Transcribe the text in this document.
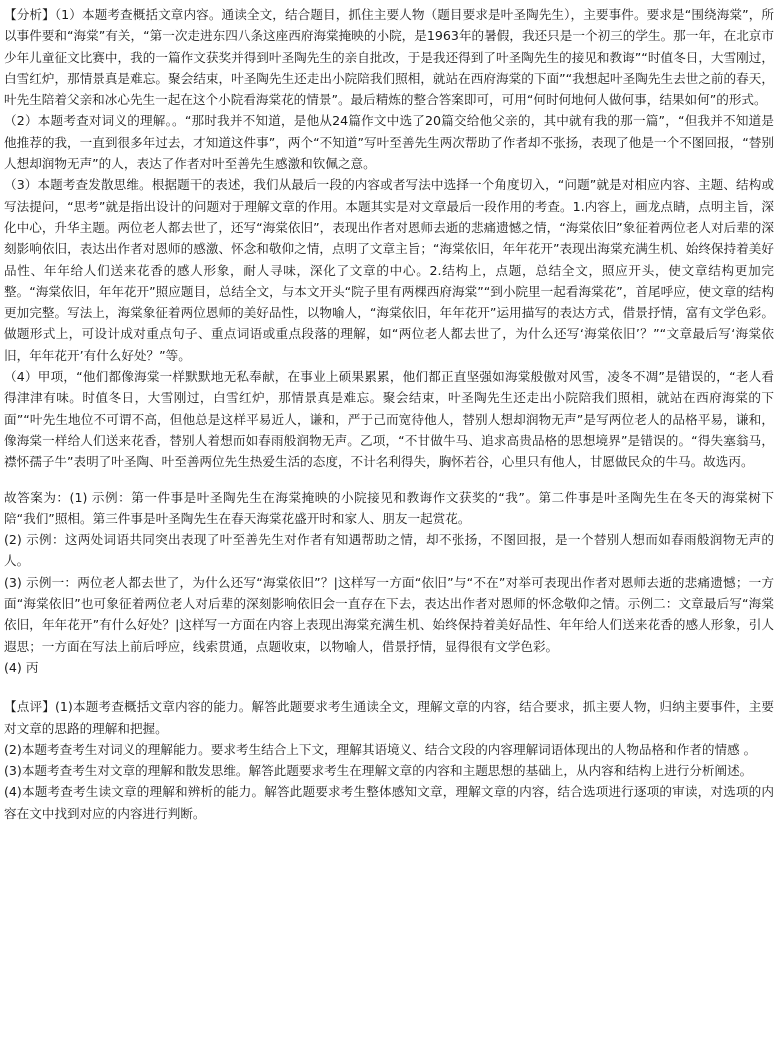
【分析】（1）本题考查概括文章内容。通读全文，结合题目，抓住主要人物（题目要求是叶圣陶先生），主要事件。要求是“围绕海棠”，所以事件要和“海棠”有关，“第一次走进东四八条这座西府海棠掩映的小院，是1963年的暑假，我还只是一个初三的学生。那一年，在北京市少年儿童征文比赛中，我的一篇作文获奖并得到叶圣陶先生的亲自批改，于是我还得到了叶圣陶先生的接见和教诲”“时值冬日，大雪刚过，白雪红炉，那情景真是难忘。聚会结束，叶圣陶先生还走出小院陪我们照相，就站在西府海棠的下面”“我想起叶圣陶先生去世之前的春天，叶先生陪着父亲和冰心先生一起在这个小院看海棠花的情景”。最后精炼的整合答案即可，可用“何时何地何人做何事，结果如何”的形式。

（2）本题考查对词义的理解。。“那时我并不知道，是他从24篇作文中选了20篇交给他父亲的，其中就有我的那一篇”，“但我并不知道是他推荐的我，一直到很多年过去，才知道这件事”，两个“不知道”写叶至善先生两次帮助了作者却不张扬，表现了他是一个不图回报，“替别人想却润物无声”的人，表达了作者对叶至善先生感激和钦佩之意。

（3）本题考查发散思维。根据题干的表述，我们从最后一段的内容或者写法中选择一个角度切入，“问题”就是对相应内容、主题、结构或写法提问，“思考”就是指出设计的问题对于理解文章的作用。本题其实是对文章最后一段作用的考查。1.内容上，画龙点睛，点明主旨，深化中心，升华主题。两位老人都去世了，还写“海棠依旧”，表现出作者对恩师去逝的悲痛遗憾之情，“海棠依旧”象征着两位老人对后辈的深刻影响依旧，表达出作者对恩师的感激、怀念和敬仰之情，点明了文章主旨；“海棠依旧，年年花开”表现出海棠充满生机、始终保持着美好品性、年年给人们送来花香的感人形象，耐人寻味，深化了文章的中心。2.结构上，点题，总结全文，照应开头，使文章结构更加完整。“海棠依旧，年年花开”照应题目，总结全文，与本文开头“院子里有两棵西府海棠”“到小院里一起看海棠花”，首尾呼应，使文章的结构更加完整。写法上，海棠象征着两位恩师的美好品性，以物喻人，“海棠依旧，年年花开”运用描写的表达方式，借景抒情，富有文学色彩。做题形式上，可设计成对重点句子、重点词语或重点段落的理解，如“两位老人都去世了，为什么还写‘海棠依旧’？”“文章最后写‘海棠依旧，年年花开’有什么好处？”等。

（4）甲项，“他们都像海棠一样默默地无私奉献，在事业上硕果累累，他们都正直坚强如海棠般傲对风雪，凌冬不凋”是错误的，“老人看得津津有味。时值冬日，大雪刚过，白雪红炉，那情景真是难忘。聚会结束，叶圣陶先生还走出小院陪我们照相，就站在西府海棠的下面”“叶先生地位不可谓不高，但他总是这样平易近人，谦和，严于己而宽待他人，替别人想却润物无声”是写两位老人的品格平易，谦和，像海棠一样给人们送来花香，替别人着想而如春雨般润物无声。乙项，“不甘做牛马、追求高贵品格的思想境界”是错误的。“得失塞翁马，襟怀孺子牛”表明了叶圣陶、叶至善两位先生热爱生活的态度，不计名利得失，胸怀若谷，心里只有他人，甘愿做民众的牛马。故选丙。

故答案为：(1) 示例：第一件事是叶圣陶先生在海棠掩映的小院接见和教诲作文获奖的“我”。第二件事是叶圣陶先生在冬天的海棠树下陪“我们”照相。第三件事是叶圣陶先生在春天海棠花盛开时和家人、朋友一起赏花。

(2) 示例：这两处词语共同突出表现了叶至善先生对作者有知遇帮助之情，却不张扬，不图回报，是一个替别人想而如春雨般润物无声的人。

(3) 示例一：两位老人都去世了，为什么还写“海棠依旧”？|这样写一方面“依旧”与“不在”对举可表现出作者对恩师去逝的悲痛遗憾；一方面“海棠依旧”也可象征着两位老人对后辈的深刻影响依旧会一直存在下去，表达出作者对恩师的怀念敬仰之情。示例二：文章最后写“海棠依旧，年年花开”有什么好处？|这样写一方面在内容上表现出海棠充满生机、始终保持着美好品性、年年给人们送来花香的感人形象，引人遐思；一方面在写法上前后呼应，线索贯通，点题收束，以物喻人，借景抒情，显得很有文学色彩。

(4) 丙

【点评】(1)本题考查概括文章内容的能力。解答此题要求考生通读全文，理解文章的内容，结合要求，抓主要人物，归纳主要事件，主要对文章的思路的理解和把握。

(2)本题考查考生对词义的理解能力。要求考生结合上下文，理解其语境义、结合文段的内容理解词语体现出的人物品格和作者的情感 。

(3)本题考查考生对文章的理解和散发思维。解答此题要求考生在理解文章的内容和主题思想的基础上，从内容和结构上进行分析阐述。

(4)本题考查考生读文章的理解和辨析的能力。解答此题要求考生整体感知文章，理解文章的内容，结合选项进行逐项的审读，对选项的内容在文中找到对应的内容进行判断。
